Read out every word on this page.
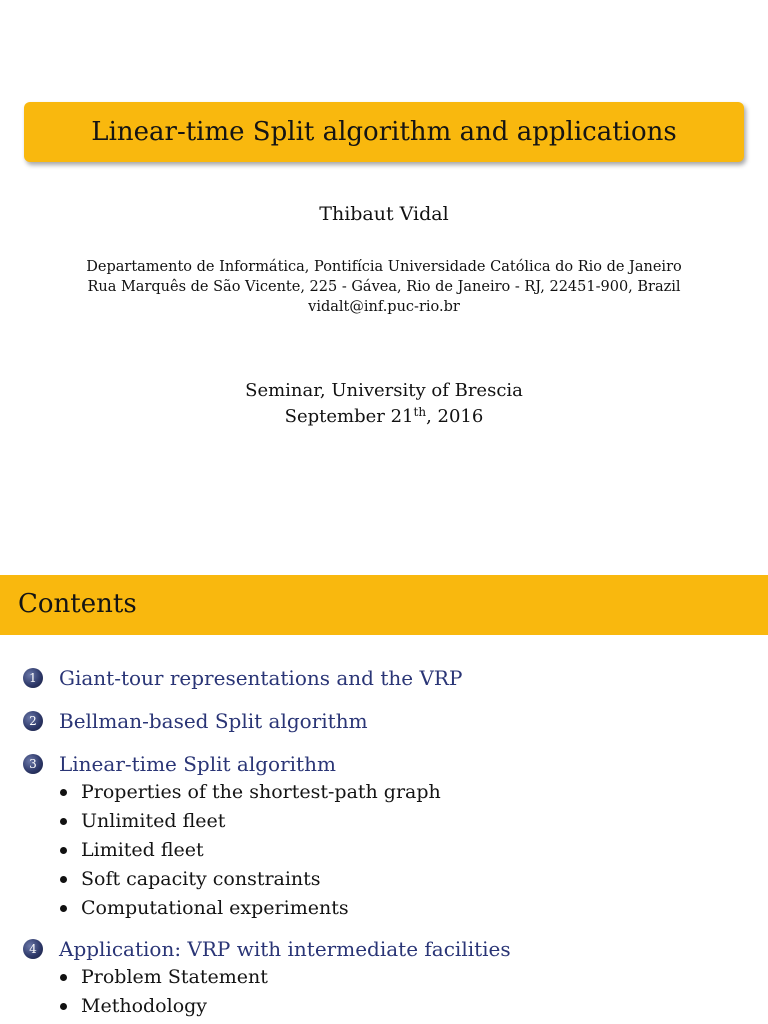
Linear-time Split algorithm and applications
Thibaut Vidal
Departamento de Informática, Pontifícia Universidade Católica do Rio de Janeiro
Rua Marquês de São Vicente, 225 - Gávea, Rio de Janeiro - RJ, 22451-900, Brazil
vidalt@inf.puc-rio.br
Seminar, University of Brescia
September 21th, 2016
Contents
1	Giant-tour representations and the VRP
2	Bellman-based Split algorithm
3	Linear-time Split algorithm
Properties of the shortest-path graph
Unlimited fleet
Limited fleet
Soft capacity constraints
Computational experiments
4	Application: VRP with intermediate facilities
Problem Statement
Methodology
